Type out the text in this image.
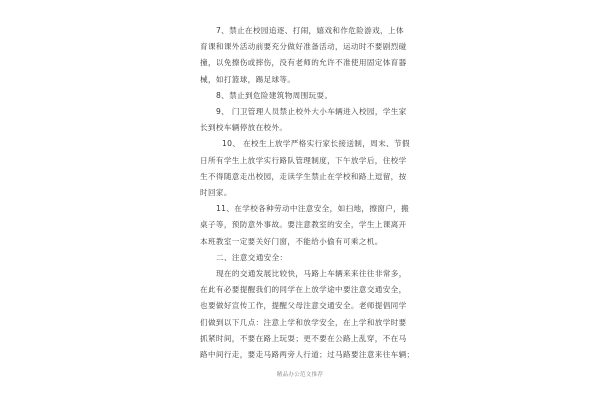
7、禁止在校园追逐、打闹，嬉戏和作危险游戏，上体
育课和课外活动前要充分做好准备活动，运动时不要剧烈碰
撞，以免擦伤或摔伤，没有老师的允许不准使用固定体育器
械，如打篮球，踢足球等。
8、禁止到危险建筑物周围玩耍。
9、 门卫管理人员禁止校外大小车辆进入校园，学生家
长到校车辆停放在校外。
10、 在校生上放学严格实行家长接送制，周末、节假
日所有学生上放学实行路队管理制度，下午放学后，住校学
生不得随意走出校园，走读学生禁止在学校和路上逗留，按
时回家。
11、在学校各种劳动中注意安全，如扫地，擦窗户，搬
桌子等，预防意外事故。要注意教室的安全，学生上课离开
本班教室一定要关好门窗，不能给小偷有可乘之机。
二、注意交通安全：
现在的交通发展比较快，马路上车辆来来往往非常多，
在此有必要提醒我们的同学在上放学途中要注意交通安全，
也要做好宣传工作，提醒父母注意交通安全。老师提倡同学
们做到以下几点：注意上学和放学安全，在上学和放学时要
抓紧时间，不要在路上玩耍；更不要在公路上乱穿，不在马
路中间行走，要走马路两旁人行道；过马路要注意来往车辆；
精品办公范文推荐
